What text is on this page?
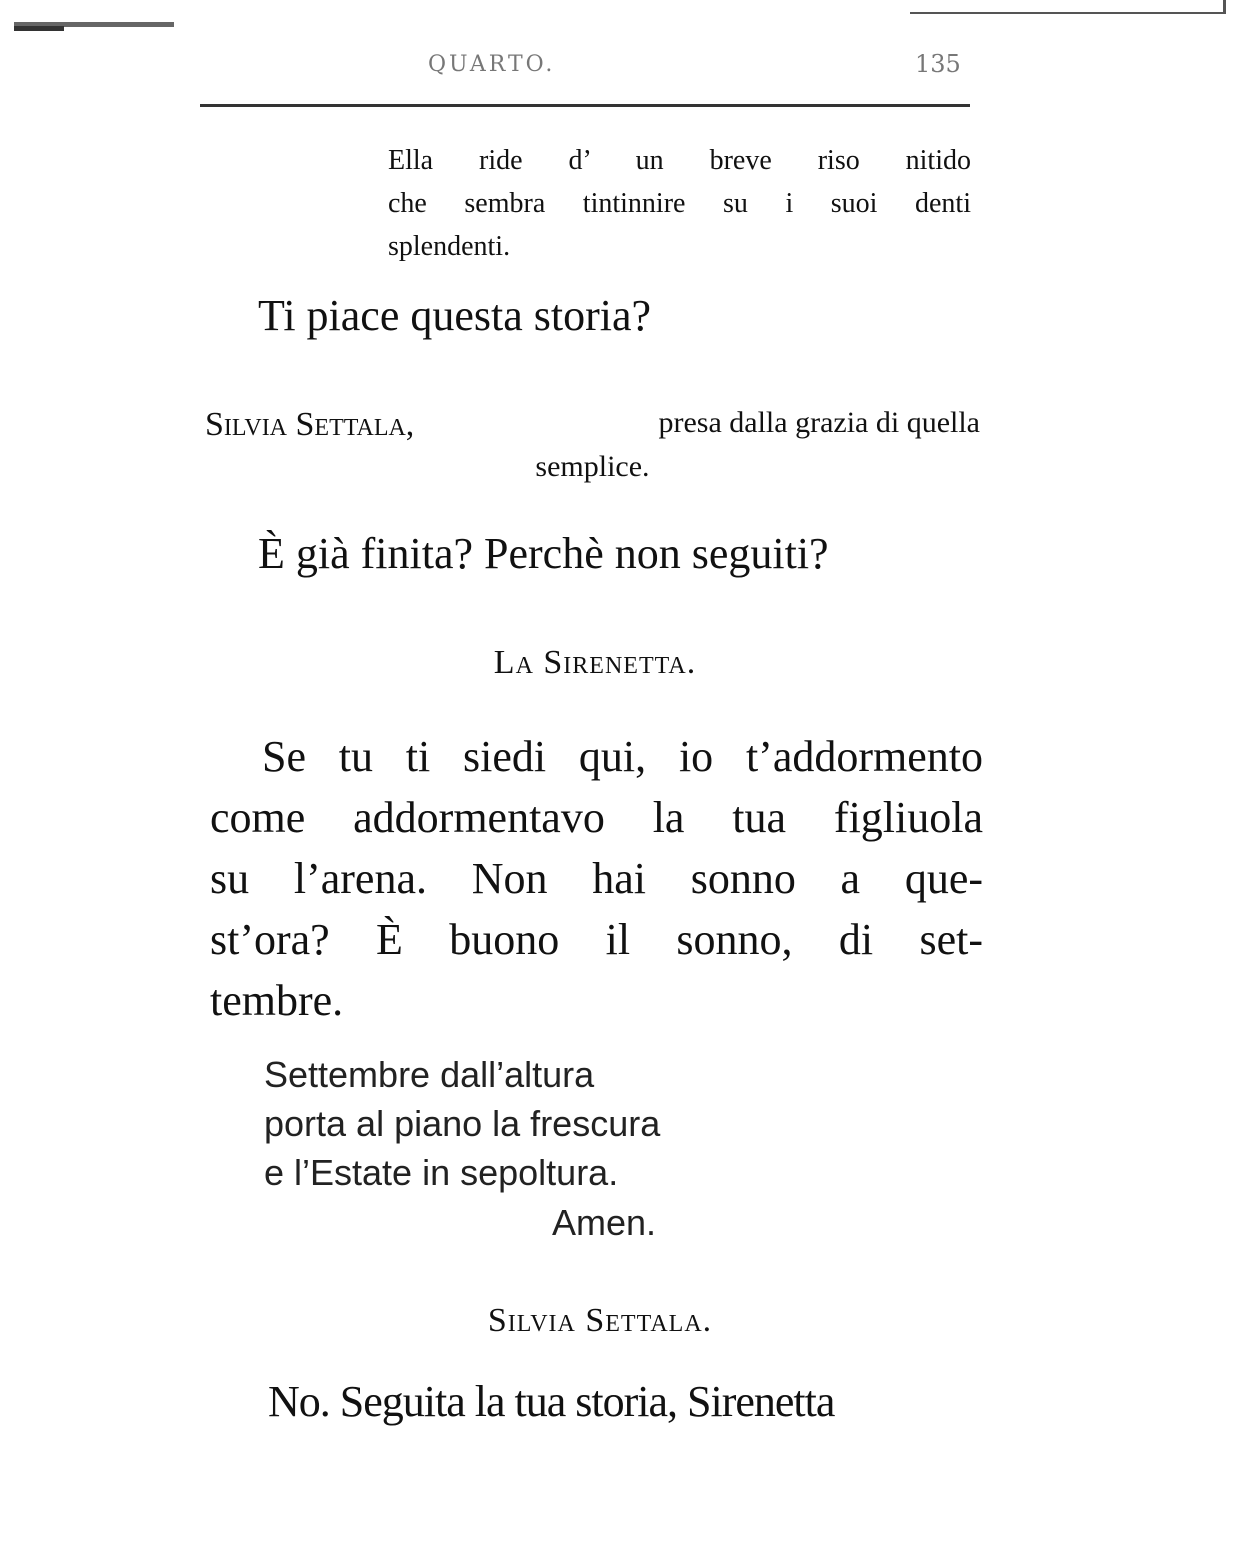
QUARTO.	135
Ella ride d’ un breve riso nitido
che sembra tintinnire su i suoi denti
splendenti.
Ti piace questa storia?
Silvia Settala,	presa dalla grazia di quella
semplice.
È già finita? Perchè non seguiti?
La Sirenetta.
Se tu ti siedi qui, io t’addormento
come addormentavo la tua figliuola
su l’arena. Non hai sonno a que-
st’ora? È buono il sonno, di set-
tembre.
Settembre dall’altura
porta al piano la frescura
e l’Estate in sepoltura.
Amen.
Silvia Settala.
No. Seguita la tua storia, Sirenetta
